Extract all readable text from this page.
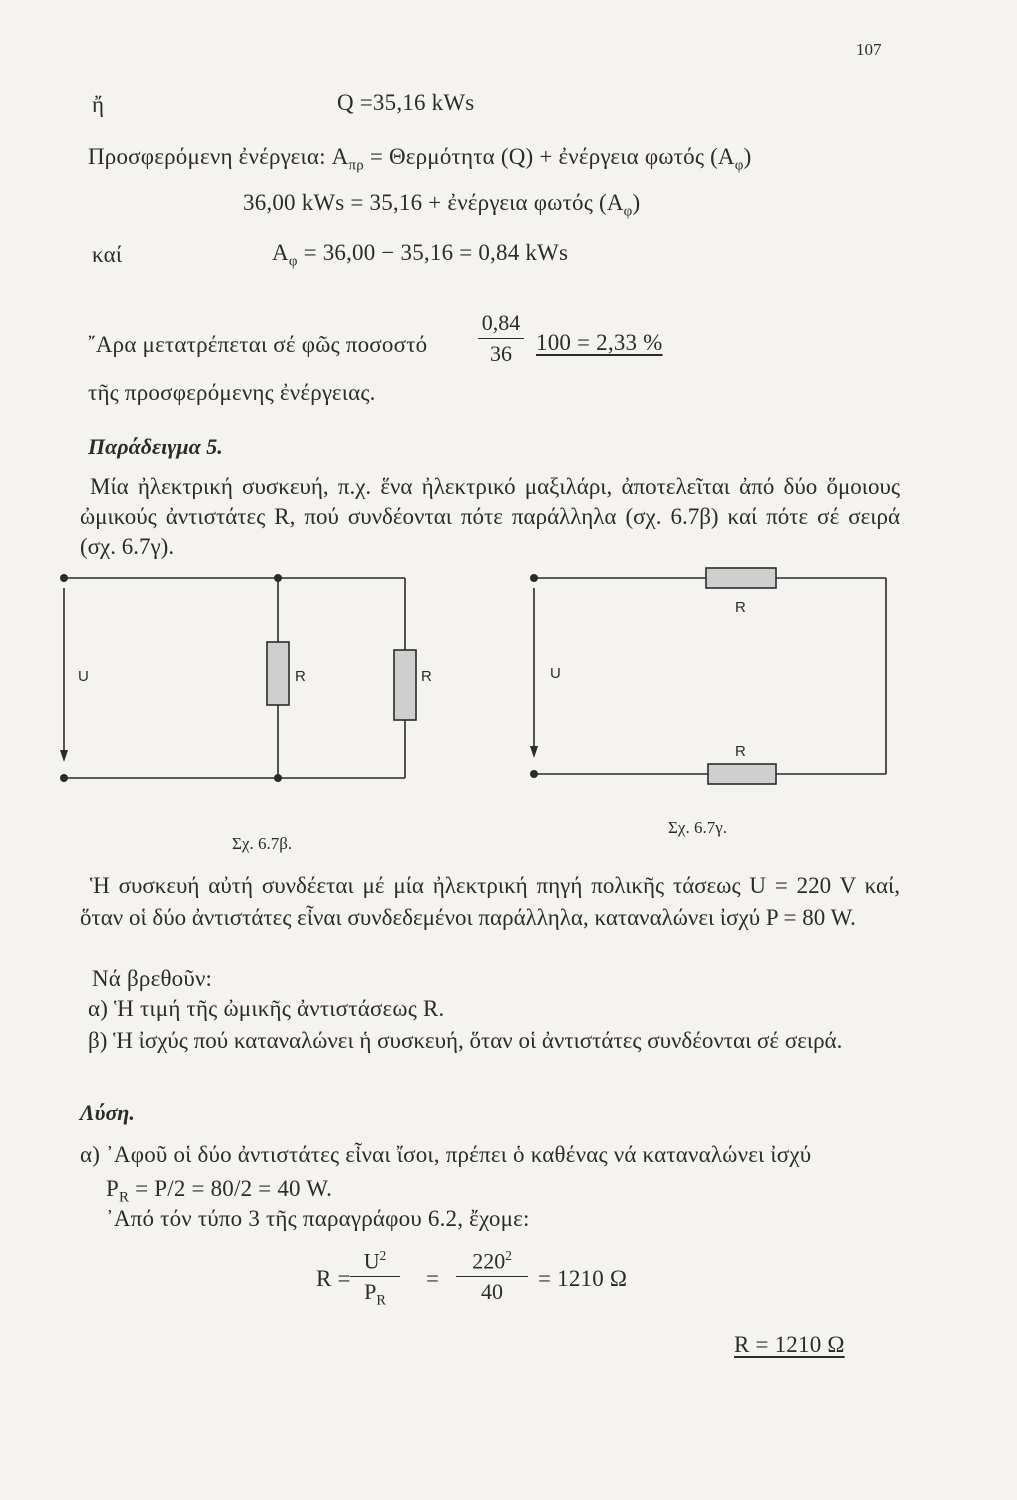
107
ἤ	Q =35,16 kWs
Προσφερόμενη ἐνέργεια: $A_{\pi\rho} = \Theta\varepsilon\rho\mu ό\tau\eta\tau\alpha$ (Q) + ἐνέργεια φωτός $(A_\varphi)$
36,00 kWs = 35,16 + ἐνέργεια φωτός $(A_\varphi)$
καί	$A_\varphi = 36,00 - 35,16 = 0,84$ kWs
῎Αρα μετατρέπεται σέ φῶς ποσοστό
0,84
36	100 = 2,33 %
τῆς προσφερόμενης ἐνέργειας.
Παράδειγμα 5.
Μία ἠλεκτρική συσκευή, π.χ. ἕνα ἠλεκτρικό μαξιλάρι, ἀποτελεῖται ἀπό δύο ὅμοιους ὠμικούς ἀντιστάτες R, πού συνδέονται πότε παράλληλα (σχ. 6.7β) καί πότε σέ σειρά (σχ. 6.7γ).
U	R	R
Σχ. 6.7β.
U
R
R
Σχ. 6.7γ.
Ἡ συσκευή αὐτή συνδέεται μέ μία ἠλεκτρική πηγή πολικῆς τάσεως U = 220 V καί, ὅταν οἱ δύο ἀντιστάτες εἶναι συνδεδεμένοι παράλληλα, καταναλώνει ἰσχύ P = 80 W.
Νά βρεθοῦν:
α) Ἡ τιμή τῆς ὠμικῆς ἀντιστάσεως R.
β) Ἡ ἰσχύς πού καταναλώνει ἡ συσκευή, ὅταν οἱ ἀντιστάτες συνδέονται σέ σειρά.
Λύση.
α) ᾿Αφοῦ οἱ δύο ἀντιστάτες εἶναι ἴσοι, πρέπει ὁ καθένας νά καταναλώνει ἰσχύ
$P_R = P/2 = 80/2 = 40$ W.
᾿Από τόν τύπο 3 τῆς παραγράφου 6.2, ἔχομε:
R =
$U^2$
$P_R$
=
$220^2$
40
= 1210 Ω
R = 1210 Ω
